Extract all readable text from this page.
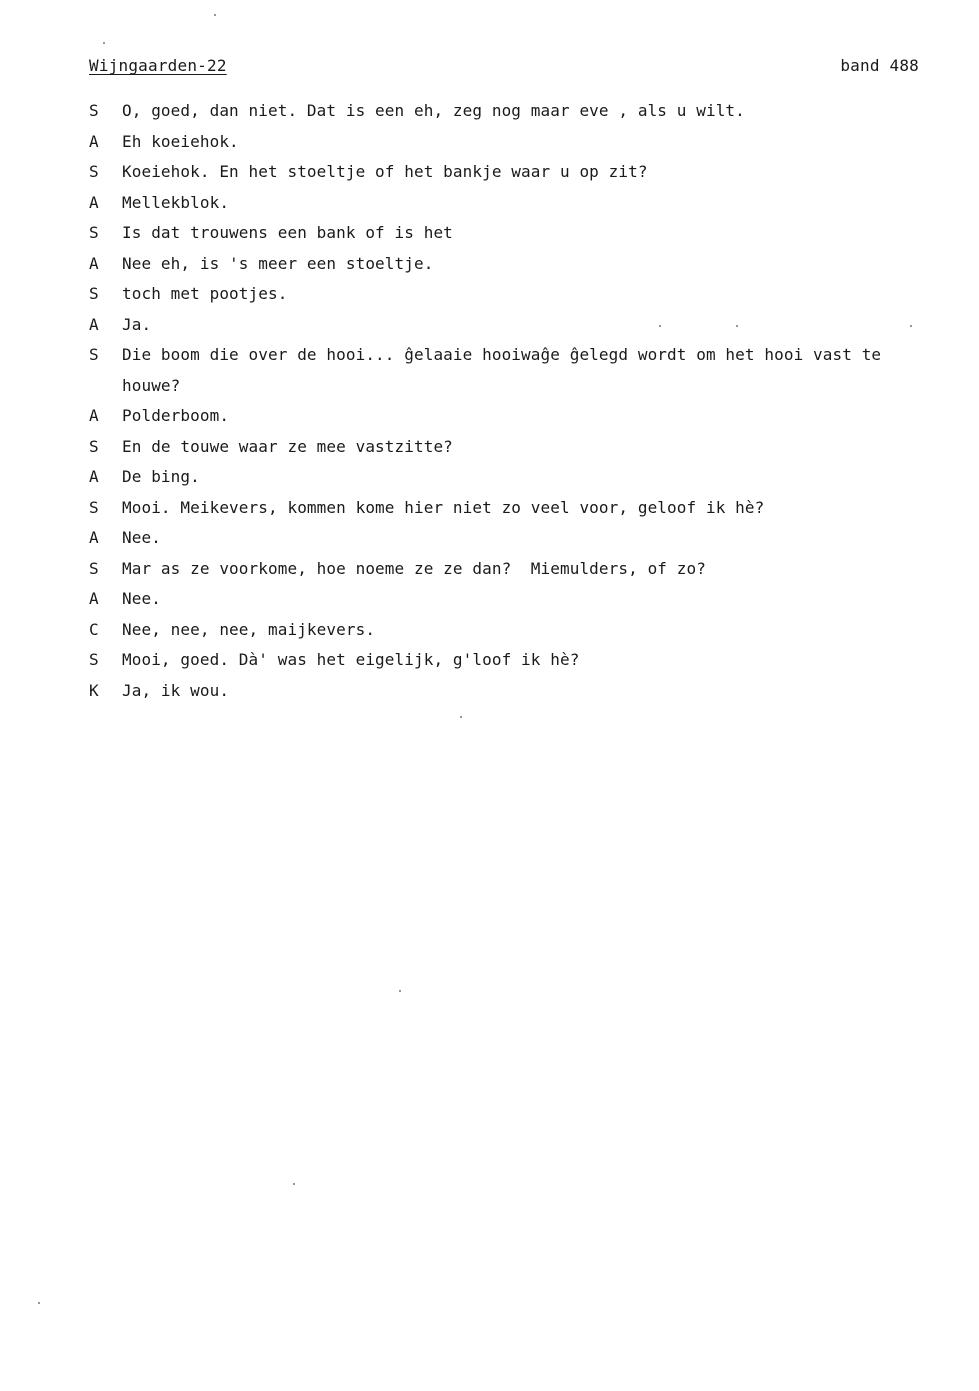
Wijngaarden-22	band 488
S	O, goed, dan niet. Dat is een eh, zeg nog maar eve , als u wilt.
A	Eh koeiehok.
S	Koeiehok. En het stoeltje of het bankje waar u op zit?
A	Mellekblok.
S	Is dat trouwens een bank of is het
A	Nee eh, is 's meer een stoeltje.
S	toch met pootjes.
A	Ja.
S	Die boom die over de hooi... ĝelaaie hooiwaĝe ĝelegd wordt om het hooi vast te houwe?
A	Polderboom.
S	En de touwe waar ze mee vastzitte?
A	De bing.
S	Mooi. Meikevers, kommen kome hier niet zo veel voor, geloof ik hè?
A	Nee.
S	Mar as ze voorkome, hoe noeme ze ze dan?  Miemulders, of zo?
A	Nee.
C	Nee, nee, nee, maijkevers.
S	Mooi, goed. Dà' was het eigelijk, g'loof ik hè?
K	Ja, ik wou.
